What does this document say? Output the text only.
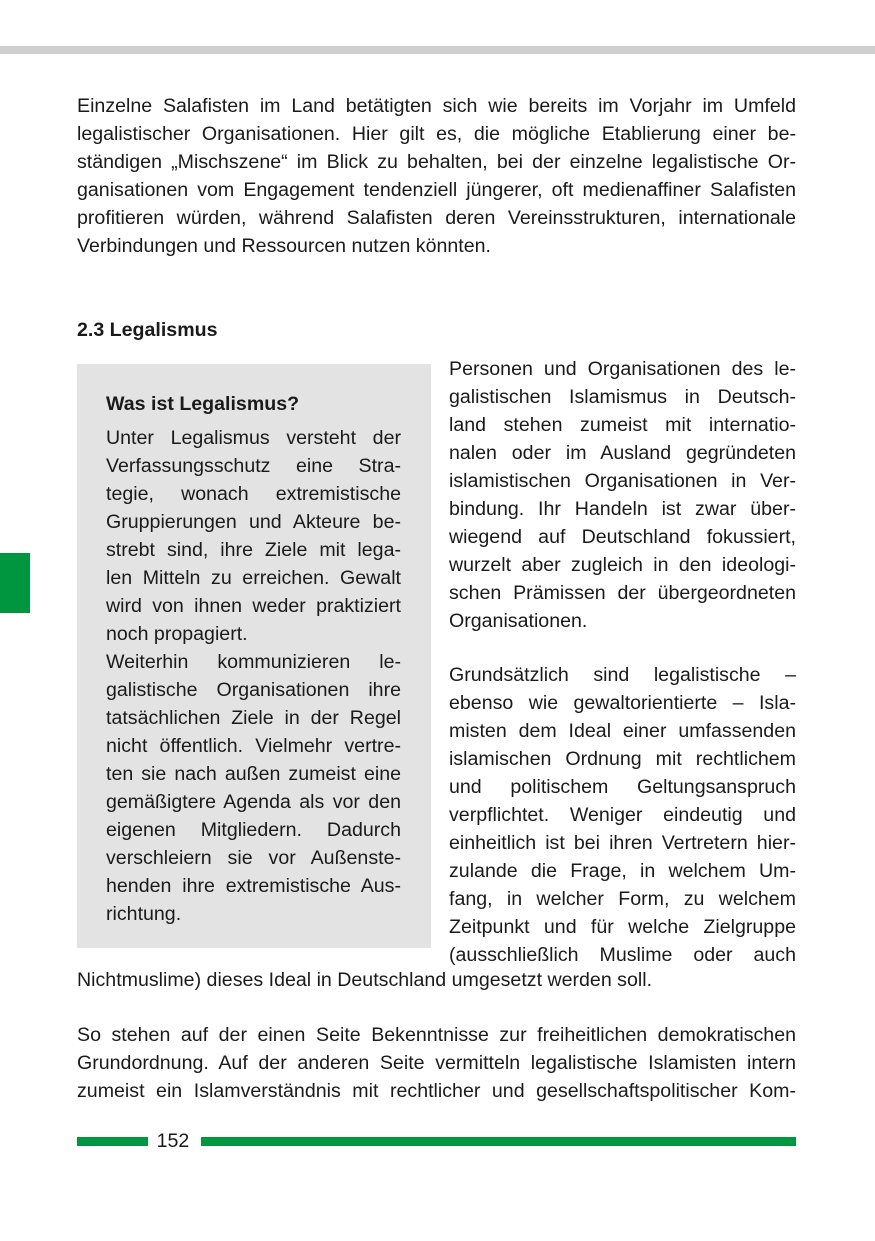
Einzelne Salafisten im Land betätigten sich wie bereits im Vorjahr im Umfeld
legalistischer Organisationen. Hier gilt es, die mögliche Etablierung einer be-
ständigen „Mischszene“ im Blick zu behalten, bei der einzelne legalistische Or-
ganisationen vom Engagement tendenziell jüngerer, oft medienaffiner Salafisten
profitieren würden, während Salafisten deren Vereinsstrukturen, internationale
Verbindungen und Ressourcen nutzen könnten.
2.3 Legalismus
Was ist Legalismus?
Unter Legalismus versteht der
Verfassungsschutz eine Stra-
tegie, wonach extremistische
Gruppierungen und Akteure be-
strebt sind, ihre Ziele mit lega-
len Mitteln zu erreichen. Gewalt
wird von ihnen weder praktiziert
noch propagiert.
Weiterhin kommunizieren le-
galistische Organisationen ihre
tatsächlichen Ziele in der Regel
nicht öffentlich. Vielmehr vertre-
ten sie nach außen zumeist eine
gemäßigtere Agenda als vor den
eigenen Mitgliedern. Dadurch
verschleiern sie vor Außenste-
henden ihre extremistische Aus-
richtung.
Personen und Organisationen des le-
galistischen Islamismus in Deutsch-
land stehen zumeist mit internatio-
nalen oder im Ausland gegründeten
islamistischen Organisationen in Ver-
bindung. Ihr Handeln ist zwar über-
wiegend auf Deutschland fokussiert,
wurzelt aber zugleich in den ideologi-
schen Prämissen der übergeordneten
Organisationen.
Grundsätzlich sind legalistische –
ebenso wie gewaltorientierte – Isla-
misten dem Ideal einer umfassenden
islamischen Ordnung mit rechtlichem
und politischem Geltungsanspruch
verpflichtet. Weniger eindeutig und
einheitlich ist bei ihren Vertretern hier-
zulande die Frage, in welchem Um-
fang, in welcher Form, zu welchem
Zeitpunkt und für welche Zielgruppe
(ausschließlich Muslime oder auch
Nichtmuslime) dieses Ideal in Deutschland umgesetzt werden soll.
So stehen auf der einen Seite Bekenntnisse zur freiheitlichen demokratischen
Grundordnung. Auf der anderen Seite vermitteln legalistische Islamisten intern
zumeist ein Islamverständnis mit rechtlicher und gesellschaftspolitischer Kom-
152
